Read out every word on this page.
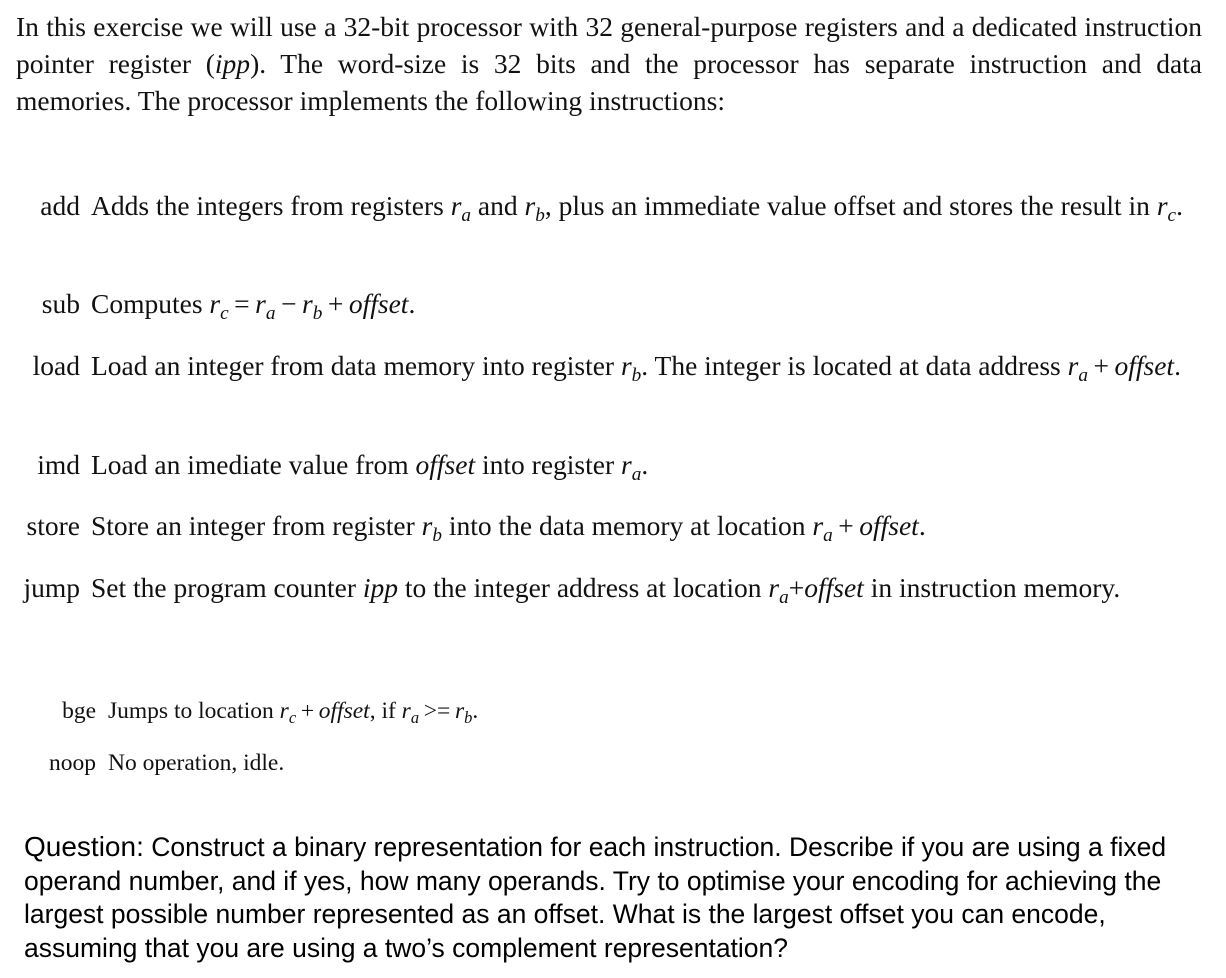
In this exercise we will use a 32-bit processor with 32 general-purpose registers and a dedicated instruction pointer register (ipp). The word-size is 32 bits and the processor has separate instruction and data memories. The processor implements the following instructions:

add Adds the integers from registers $r_a$ and $r_b$, plus an immediate value offset and stores the result in $r_c$.
sub Computes $r_c = r_a - r_b$ + offset.
load Load an integer from data memory into register $r_b$. The integer is located at data address $r_a$ + offset.
imd Load an imediate value from offset into register $r_a$.
store Store an integer from register $r_b$ into the data memory at location $r_a$ + offset.
jump Set the program counter ipp to the integer address at location $r_a+offset$ in instruction memory.
bge Jumps to location $r_c$ + offset, if $r_a >= r_b$.
noop No operation, idle.

Question: Construct a binary representation for each instruction. Describe if you are using a fixed operand number, and if yes, how many operands. Try to optimise your encoding for achieving the largest possible number represented as an offset. What is the largest offset you can encode, assuming that you are using a two’s complement representation?
